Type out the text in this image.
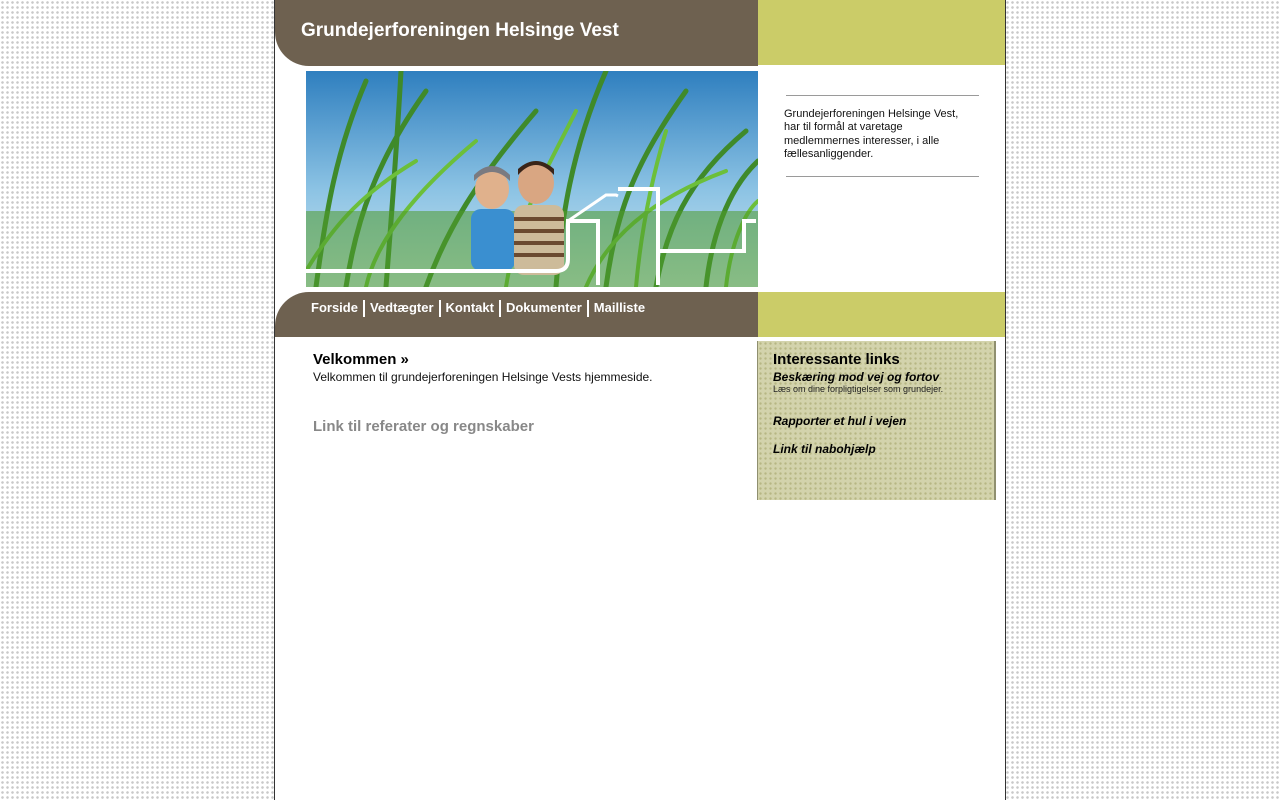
Grundejerforeningen Helsinge Vest

Grundejerforeningen Helsinge Vest, har til formål at varetage medlemmernes interesser, i alle fællesanliggender.

Forside Vedtægter Kontakt Dokumenter Mailliste
Velkommen »

Velkommen til grundejerforeningen Helsinge Vests hjemmeside.

Link til referater og regnskaber
Interessante links
Beskæring mod vej og fortov

Læs om dine forpligtigelser som grundejer.

Rapporter et hul i vejen
Link til nabohjælp
